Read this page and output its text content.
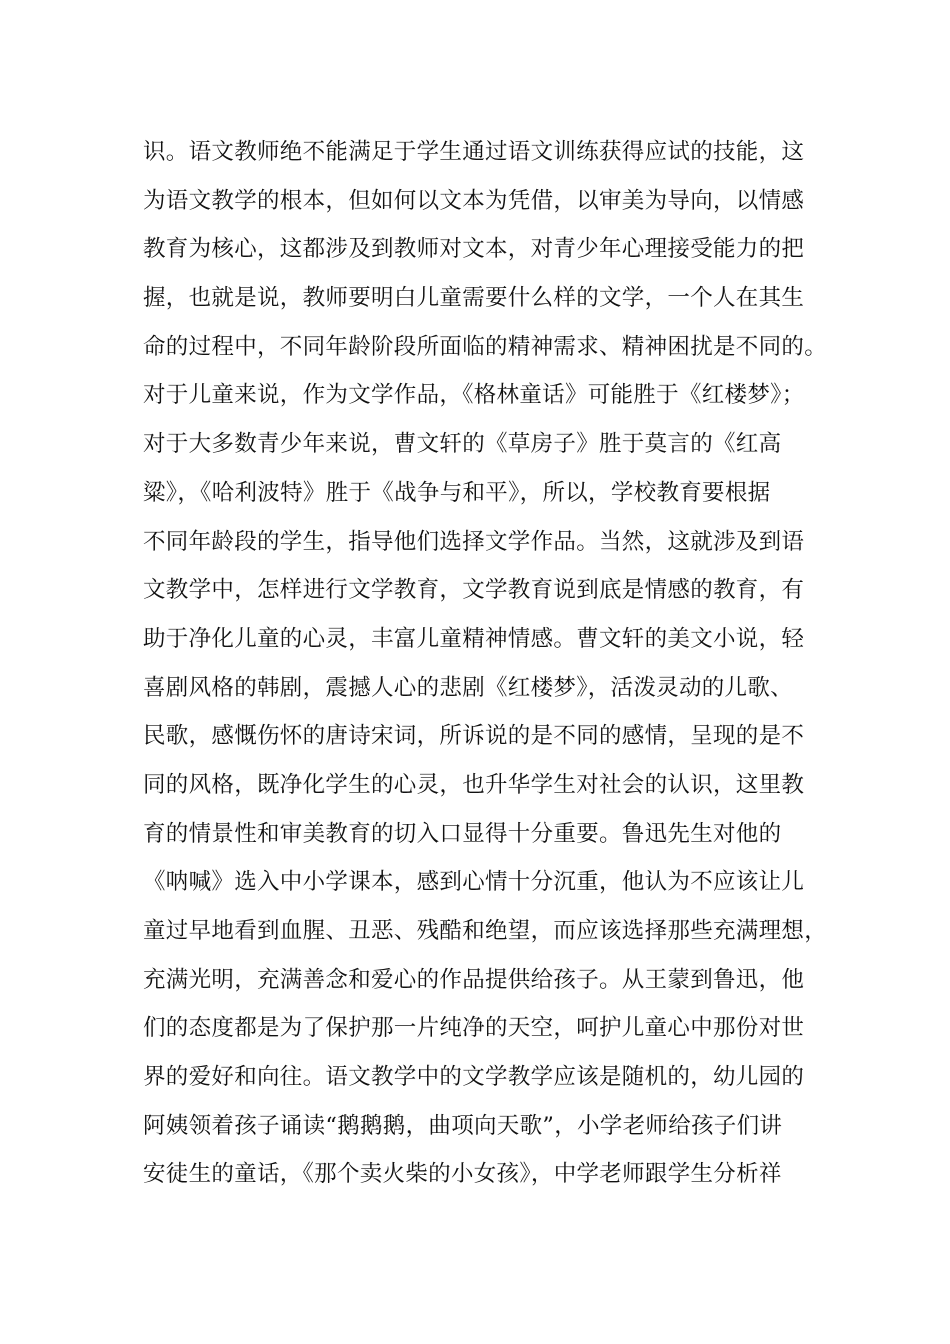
识。语文教师绝不能满足于学生通过语文训练获得应试的技能，这
为语文教学的根本，但如何以文本为凭借，以审美为导向，以情感
教育为核心，这都涉及到教师对文本，对青少年心理接受能力的把
握，也就是说，教师要明白儿童需要什么样的文学，一个人在其生
命的过程中，不同年龄阶段所面临的精神需求、精神困扰是不同的。
对于儿童来说，作为文学作品，《格林童话》可能胜于《红楼梦》；
对于大多数青少年来说，曹文轩的《草房子》胜于莫言的《红高
粱》，《哈利波特》胜于《战争与和平》，所以，学校教育要根据
不同年龄段的学生，指导他们选择文学作品。当然，这就涉及到语
文教学中，怎样进行文学教育，文学教育说到底是情感的教育，有
助于净化儿童的心灵，丰富儿童精神情感。曹文轩的美文小说，轻
喜剧风格的韩剧，震撼人心的悲剧《红楼梦》，活泼灵动的儿歌、
民歌，感慨伤怀的唐诗宋词，所诉说的是不同的感情，呈现的是不
同的风格，既净化学生的心灵，也升华学生对社会的认识，这里教
育的情景性和审美教育的切入口显得十分重要。鲁迅先生对他的
《呐喊》选入中小学课本，感到心情十分沉重，他认为不应该让儿
童过早地看到血腥、丑恶、残酷和绝望，而应该选择那些充满理想，
充满光明，充满善念和爱心的作品提供给孩子。从王蒙到鲁迅，他
们的态度都是为了保护那一片纯净的天空，呵护儿童心中那份对世
界的爱好和向往。语文教学中的文学教学应该是随机的，幼儿园的
阿姨领着孩子诵读“鹅鹅鹅，曲项向天歌”，小学老师给孩子们讲
安徒生的童话，《那个卖火柴的小女孩》，中学老师跟学生分析祥
